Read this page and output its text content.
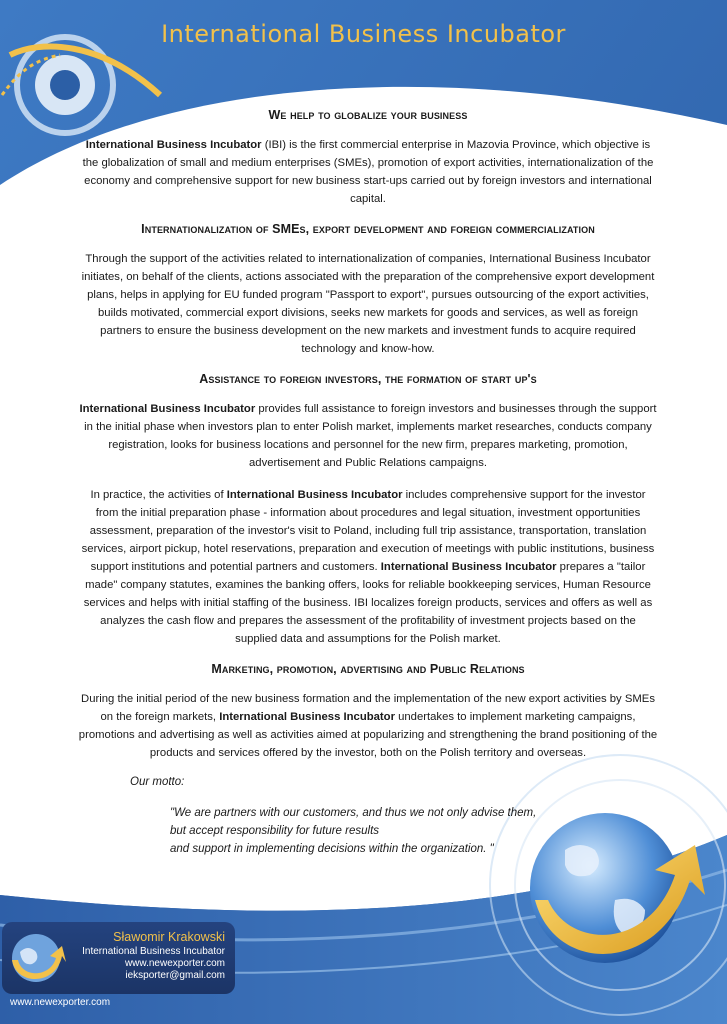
International Business Incubator
We help to globalize your business
International Business Incubator (IBI) is the first commercial enterprise in Mazovia Province, which objective is the globalization of small and medium enterprises (SMEs), promotion of export activities, internationalization of the economy and comprehensive support for new business start-ups carried out by foreign investors and international capital.
Internationalization of SMEs, export development and foreign commercialization
Through the support of the activities related to internationalization of companies, International Business Incubator initiates, on behalf of the clients, actions associated with the preparation of the comprehensive export development plans, helps in applying for EU funded program "Passport to export", pursues outsourcing of the export activities, builds motivated, commercial export divisions, seeks new markets for goods and services, as well as foreign partners to ensure the business development on the new markets and investment funds to acquire required technology and know-how.
Assistance to foreign investors, the formation of start up's
International Business Incubator provides full assistance to foreign investors and businesses through the support in the initial phase when investors plan to enter Polish market, implements market researches, conducts company registration, looks for business locations and personnel for the new firm, prepares marketing, promotion, advertisement and Public Relations campaigns.
In practice, the activities of International Business Incubator includes comprehensive support for the investor from the initial preparation phase - information about procedures and legal situation, investment opportunities assessment, preparation of the investor's visit to Poland, including full trip assistance, transportation, translation services, airport pickup, hotel reservations, preparation and execution of meetings with public institutions, business support institutions and potential partners and customers. International Business Incubator prepares a "tailor made" company statutes, examines the banking offers, looks for reliable bookkeeping services, Human Resource services and helps with initial staffing of the business. IBI localizes foreign products, services and offers as well as analyzes the cash flow and prepares the assessment of the profitability of investment projects based on the supplied data and assumptions for the Polish market.
Marketing, promotion, advertising and Public Relations
During the initial period of the new business formation and the implementation of the new export activities by SMEs on the foreign markets, International Business Incubator undertakes to implement marketing campaigns, promotions and advertising as well as activities aimed at popularizing and strengthening the brand positioning of the products and services offered by the investor, both on the Polish territory and overseas.
Our motto:
"We are partners with our customers, and thus we not only advise them,
but accept responsibility for future results
and support in implementing decisions within the organization. "
Sławomir Krakowski
International Business Incubator
www.newexporter.com
ieksporter@gmail.com
www.newexporter.com
